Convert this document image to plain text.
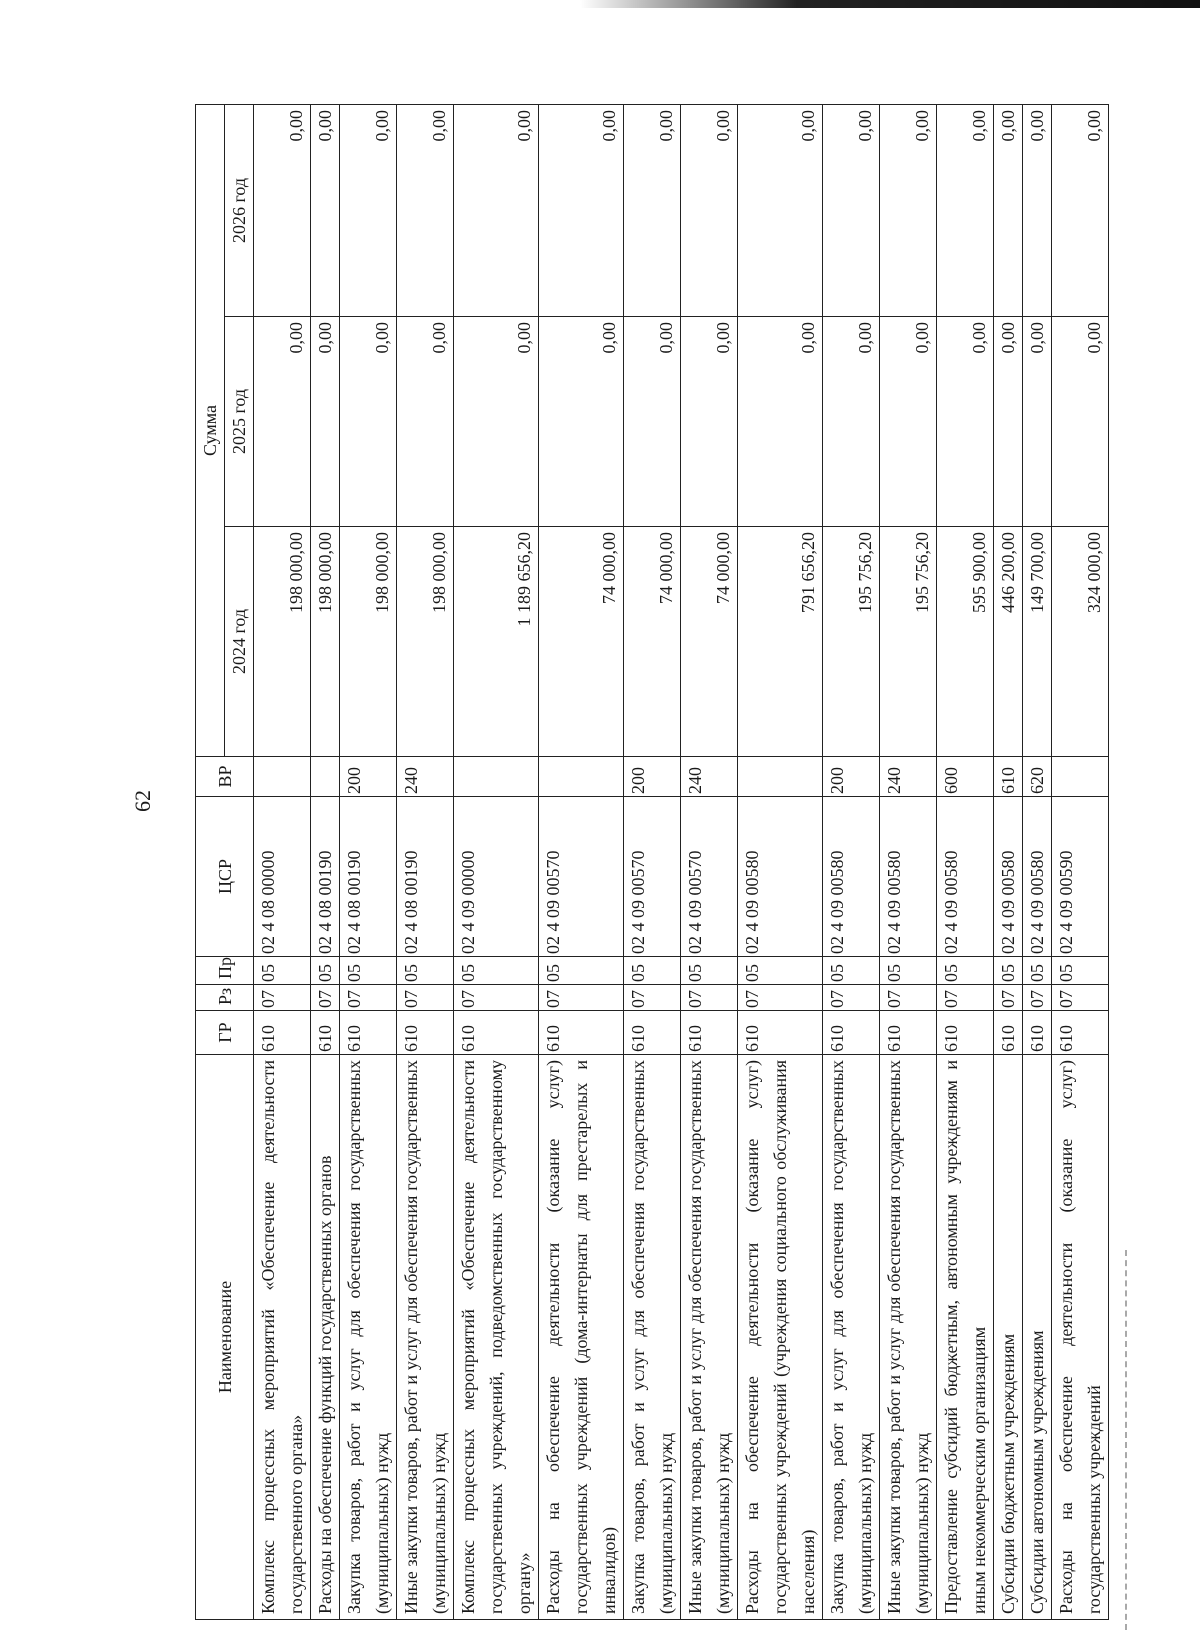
62
Наименование	ГР	Рз	Пр	ЦСР	ВР	Сумма		
						2024 год	2025 год	2026 год
Комплекс процессных мероприятий «Обеспечение деятельности государственного органа»	610	07	05	02 4 08 00000		198 000,00	0,00	0,00
Расходы на обеспечение функций государственных органов	610	07	05	02 4 08 00190		198 000,00	0,00	0,00
Закупка товаров, работ и услуг для обеспечения государственных (муниципальных) нужд	610	07	05	02 4 08 00190	200	198 000,00	0,00	0,00
Иные закупки товаров, работ и услуг для обеспечения государственных (муниципальных) нужд	610	07	05	02 4 08 00190	240	198 000,00	0,00	0,00
Комплекс процессных мероприятий «Обеспечение деятельности государственных учреждений, подведомственных государственному органу»	610	07	05	02 4 09 00000		1 189 656,20	0,00	0,00
Расходы на обеспечение деятельности (оказание услуг) государственных учреждений (дома-интернаты для престарелых и инвалидов)	610	07	05	02 4 09 00570		74 000,00	0,00	0,00
Закупка товаров, работ и услуг для обеспечения государственных (муниципальных) нужд	610	07	05	02 4 09 00570	200	74 000,00	0,00	0,00
Иные закупки товаров, работ и услуг для обеспечения государственных (муниципальных) нужд	610	07	05	02 4 09 00570	240	74 000,00	0,00	0,00
Расходы на обеспечение деятельности (оказание услуг) государственных учреждений (учреждения социального обслуживания населения)	610	07	05	02 4 09 00580		791 656,20	0,00	0,00
Закупка товаров, работ и услуг для обеспечения государственных (муниципальных) нужд	610	07	05	02 4 09 00580	200	195 756,20	0,00	0,00
Иные закупки товаров, работ и услуг для обеспечения государственных (муниципальных) нужд	610	07	05	02 4 09 00580	240	195 756,20	0,00	0,00
Предоставление субсидий бюджетным, автономным учреждениям и иным некоммерческим организациям	610	07	05	02 4 09 00580	600	595 900,00	0,00	0,00
Субсидии бюджетным учреждениям	610	07	05	02 4 09 00580	610	446 200,00	0,00	0,00
Субсидии автономным учреждениям	610	07	05	02 4 09 00580	620	149 700,00	0,00	0,00
Расходы на обеспечение деятельности (оказание услуг) государственных учреждений	610	07	05	02 4 09 00590		324 000,00	0,00	0,00
